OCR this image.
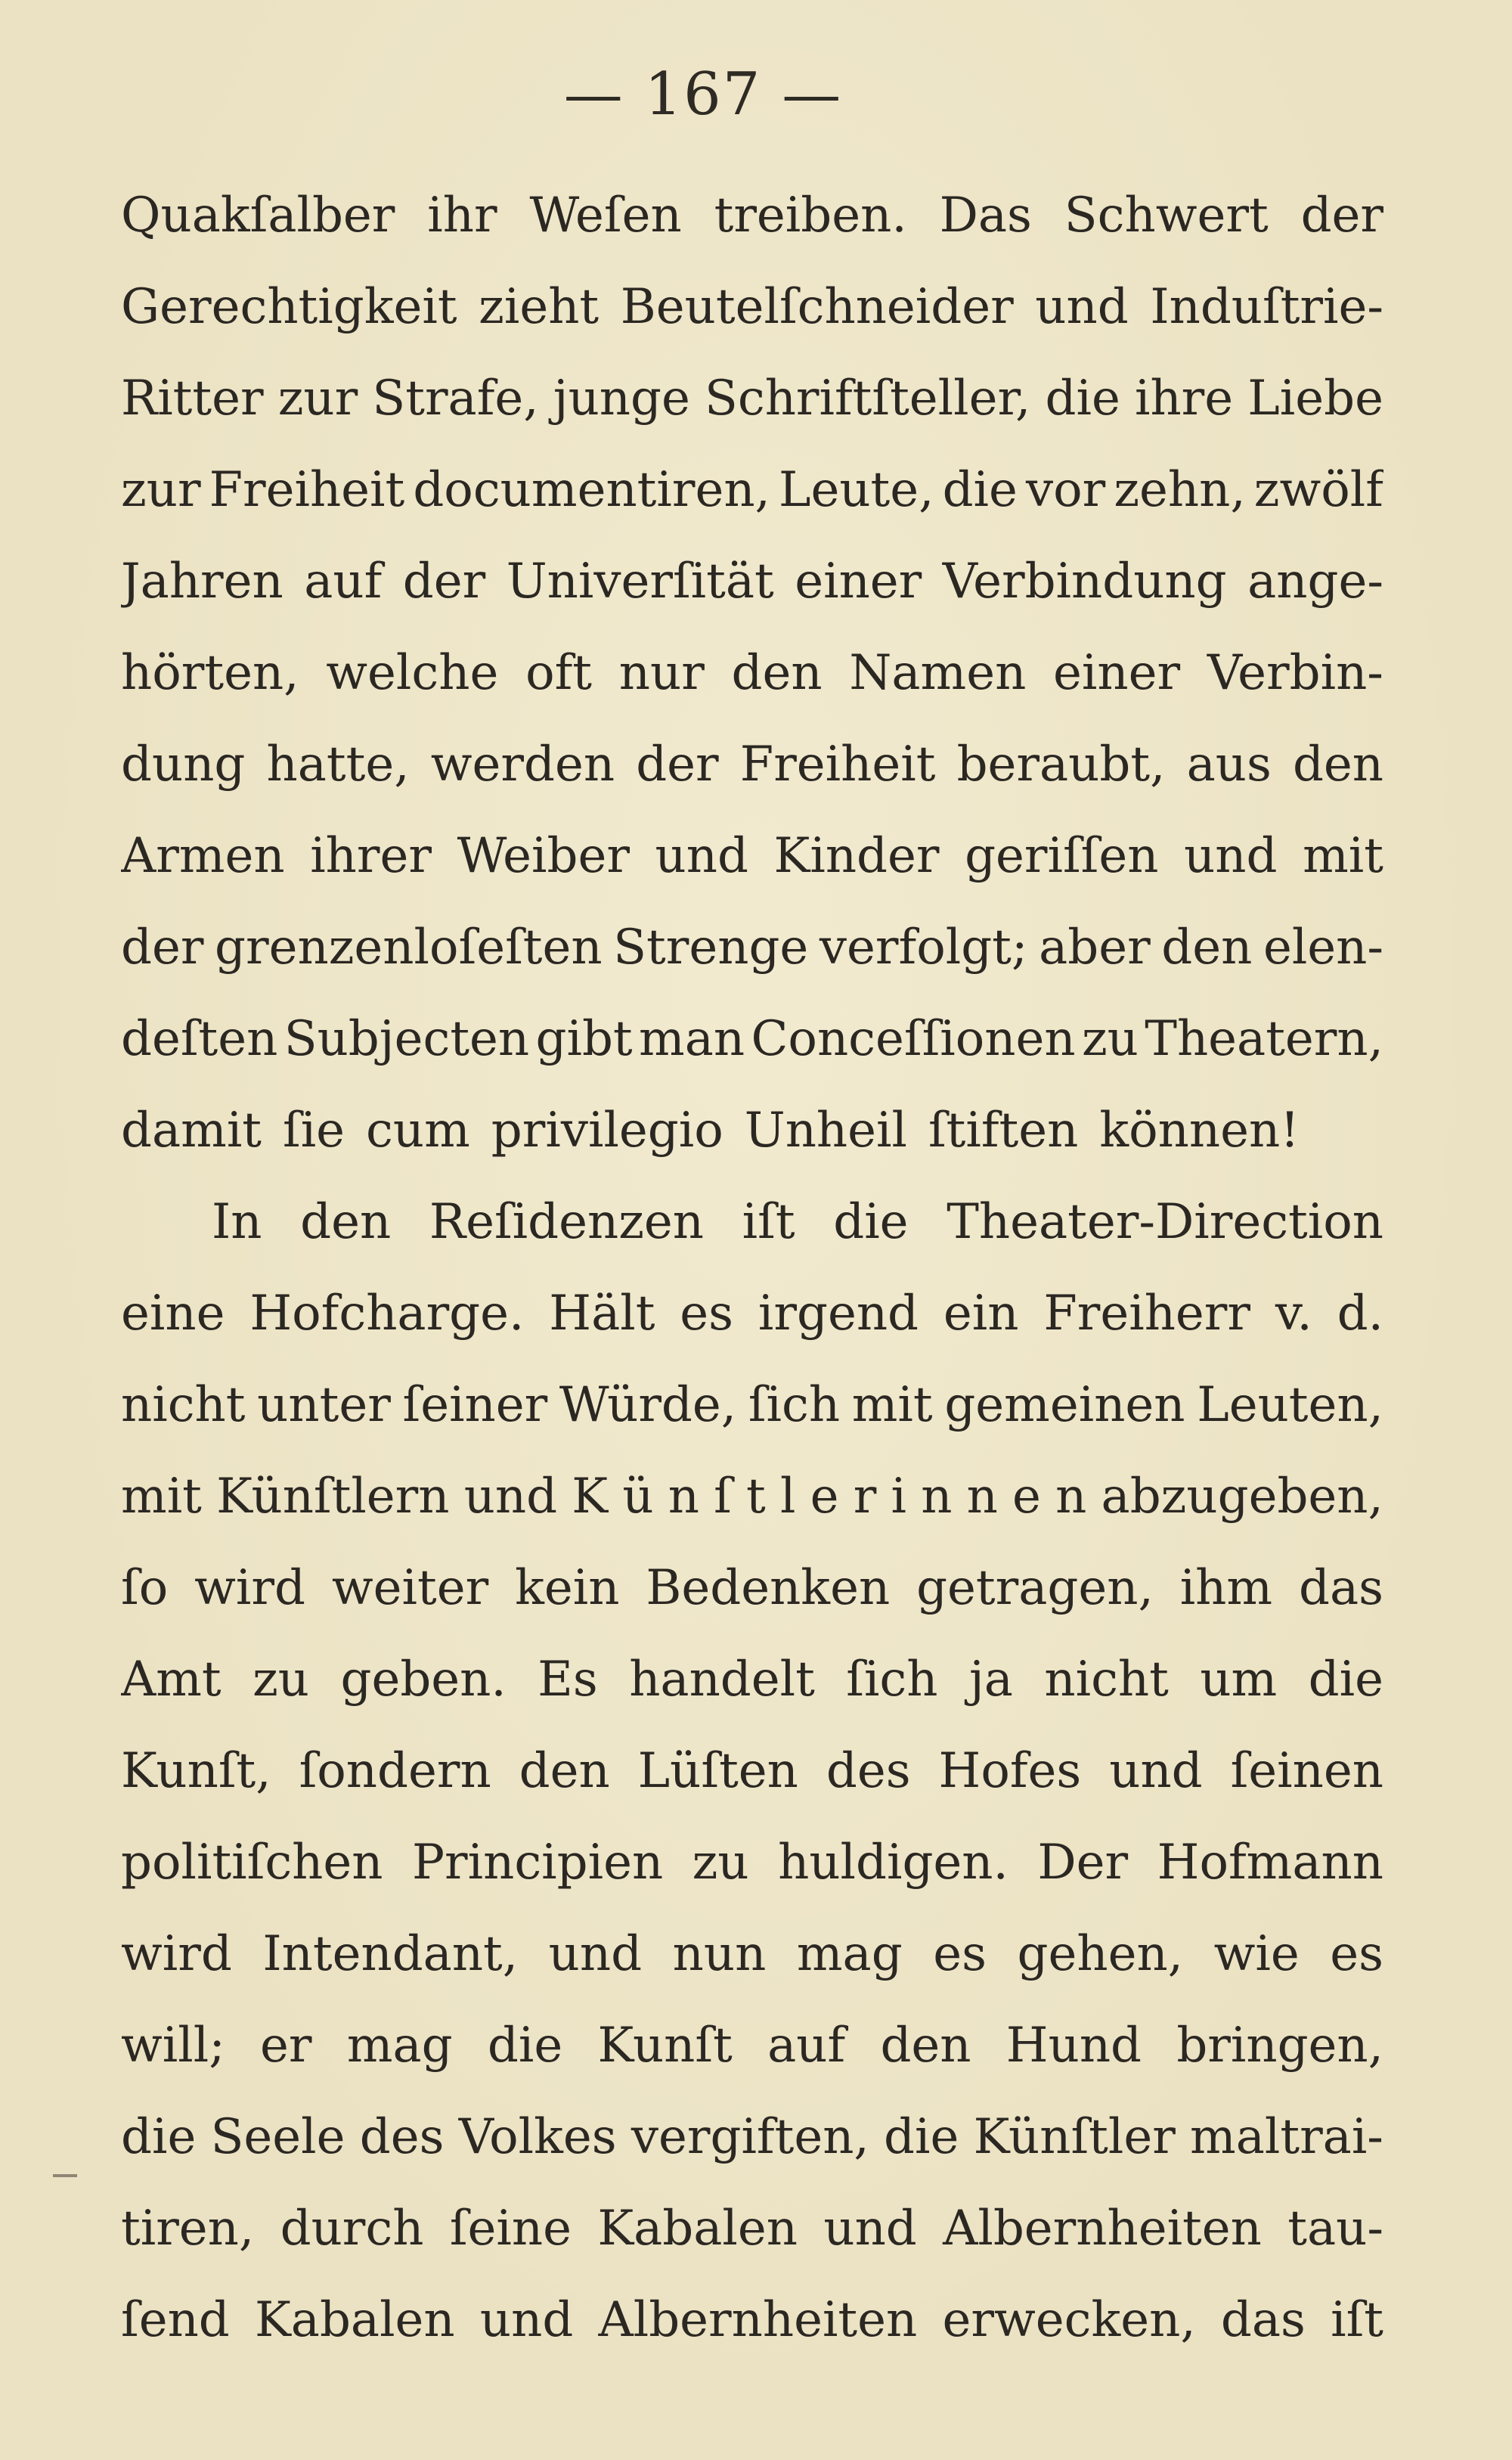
— 167 —
Quakſalber ihr Weſen treiben. Das Schwert der
Gerechtigkeit zieht Beutelſchneider und Induſtrie-
Ritter zur Strafe, junge Schriftſteller, die ihre Liebe
zur Freiheit documentiren, Leute, die vor zehn, zwölf
Jahren auf der Univerſität einer Verbindung ange-
hörten, welche oft nur den Namen einer Verbin-
dung hatte, werden der Freiheit beraubt, aus den
Armen ihrer Weiber und Kinder geriſſen und mit
der grenzenloſeſten Strenge verfolgt; aber den elen-
deſten Subjecten gibt man Conceſſionen zu Theatern,
damit ſie cum privilegio Unheil ſtiften können!
In den Reſidenzen iſt die Theater-Direction
eine Hofcharge. Hält es irgend ein Freiherr v. d.
nicht unter ſeiner Würde, ſich mit gemeinen Leuten,
mit Künſtlern und K ü n ſ t l e r i n n e n abzugeben,
ſo wird weiter kein Bedenken getragen, ihm das
Amt zu geben. Es handelt ſich ja nicht um die
Kunſt, ſondern den Lüſten des Hofes und ſeinen
politiſchen Principien zu huldigen. Der Hofmann
wird Intendant, und nun mag es gehen, wie es
will; er mag die Kunſt auf den Hund bringen,
die Seele des Volkes vergiften, die Künſtler maltrai-
tiren, durch ſeine Kabalen und Albernheiten tau-
ſend Kabalen und Albernheiten erwecken, das iſt
